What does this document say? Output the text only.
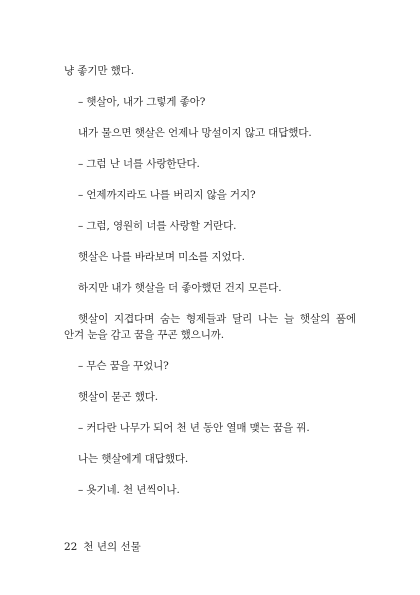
냥 좋기만 했다.

– 햇살아, 내가 그렇게 좋아?

내가 물으면 햇살은 언제나 망설이지 않고 대답했다.

– 그럼 난 너를 사랑한단다.

– 언제까지라도 나를 버리지 않을 거지?

– 그럼, 영원히 너를 사랑할 거란다.

햇살은 나를 바라보며 미소를 지었다.

하지만 내가 햇살을 더 좋아했던 건지 모른다.

햇살이 지겹다며 숨는 형제들과 달리 나는 늘 햇살의 품에 안겨 눈을 감고 꿈을 꾸곤 했으니까.

– 무슨 꿈을 꾸었니?

햇살이 묻곤 했다.

– 커다란 나무가 되어 천 년 동안 열매 맺는 꿈을 꿔.

나는 햇살에게 대답했다.

– 욧기네. 천 년씩이나.

22 천 년의 선물
